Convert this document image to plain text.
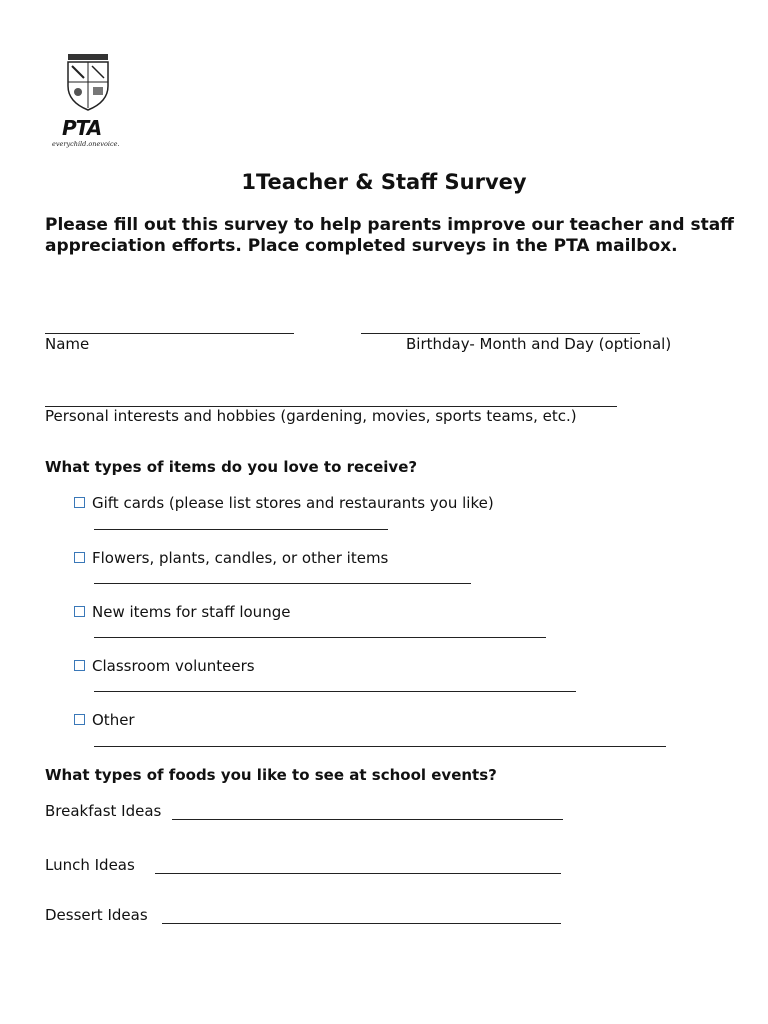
PTA
everychild.onevoice.
1Teacher & Staff Survey
Please fill out this survey to help parents improve our teacher and staff appreciation efforts. Place completed surveys in the PTA mailbox.
Name	Birthday- Month and Day (optional)
Personal interests and hobbies (gardening, movies, sports teams, etc.)
What types of items do you love to receive?
Gift cards (please list stores and restaurants you like)
Flowers, plants, candles, or other items
New items for staff lounge
Classroom volunteers
Other
What types of foods you like to see at school events?
Breakfast Ideas
Lunch Ideas
Dessert Ideas
